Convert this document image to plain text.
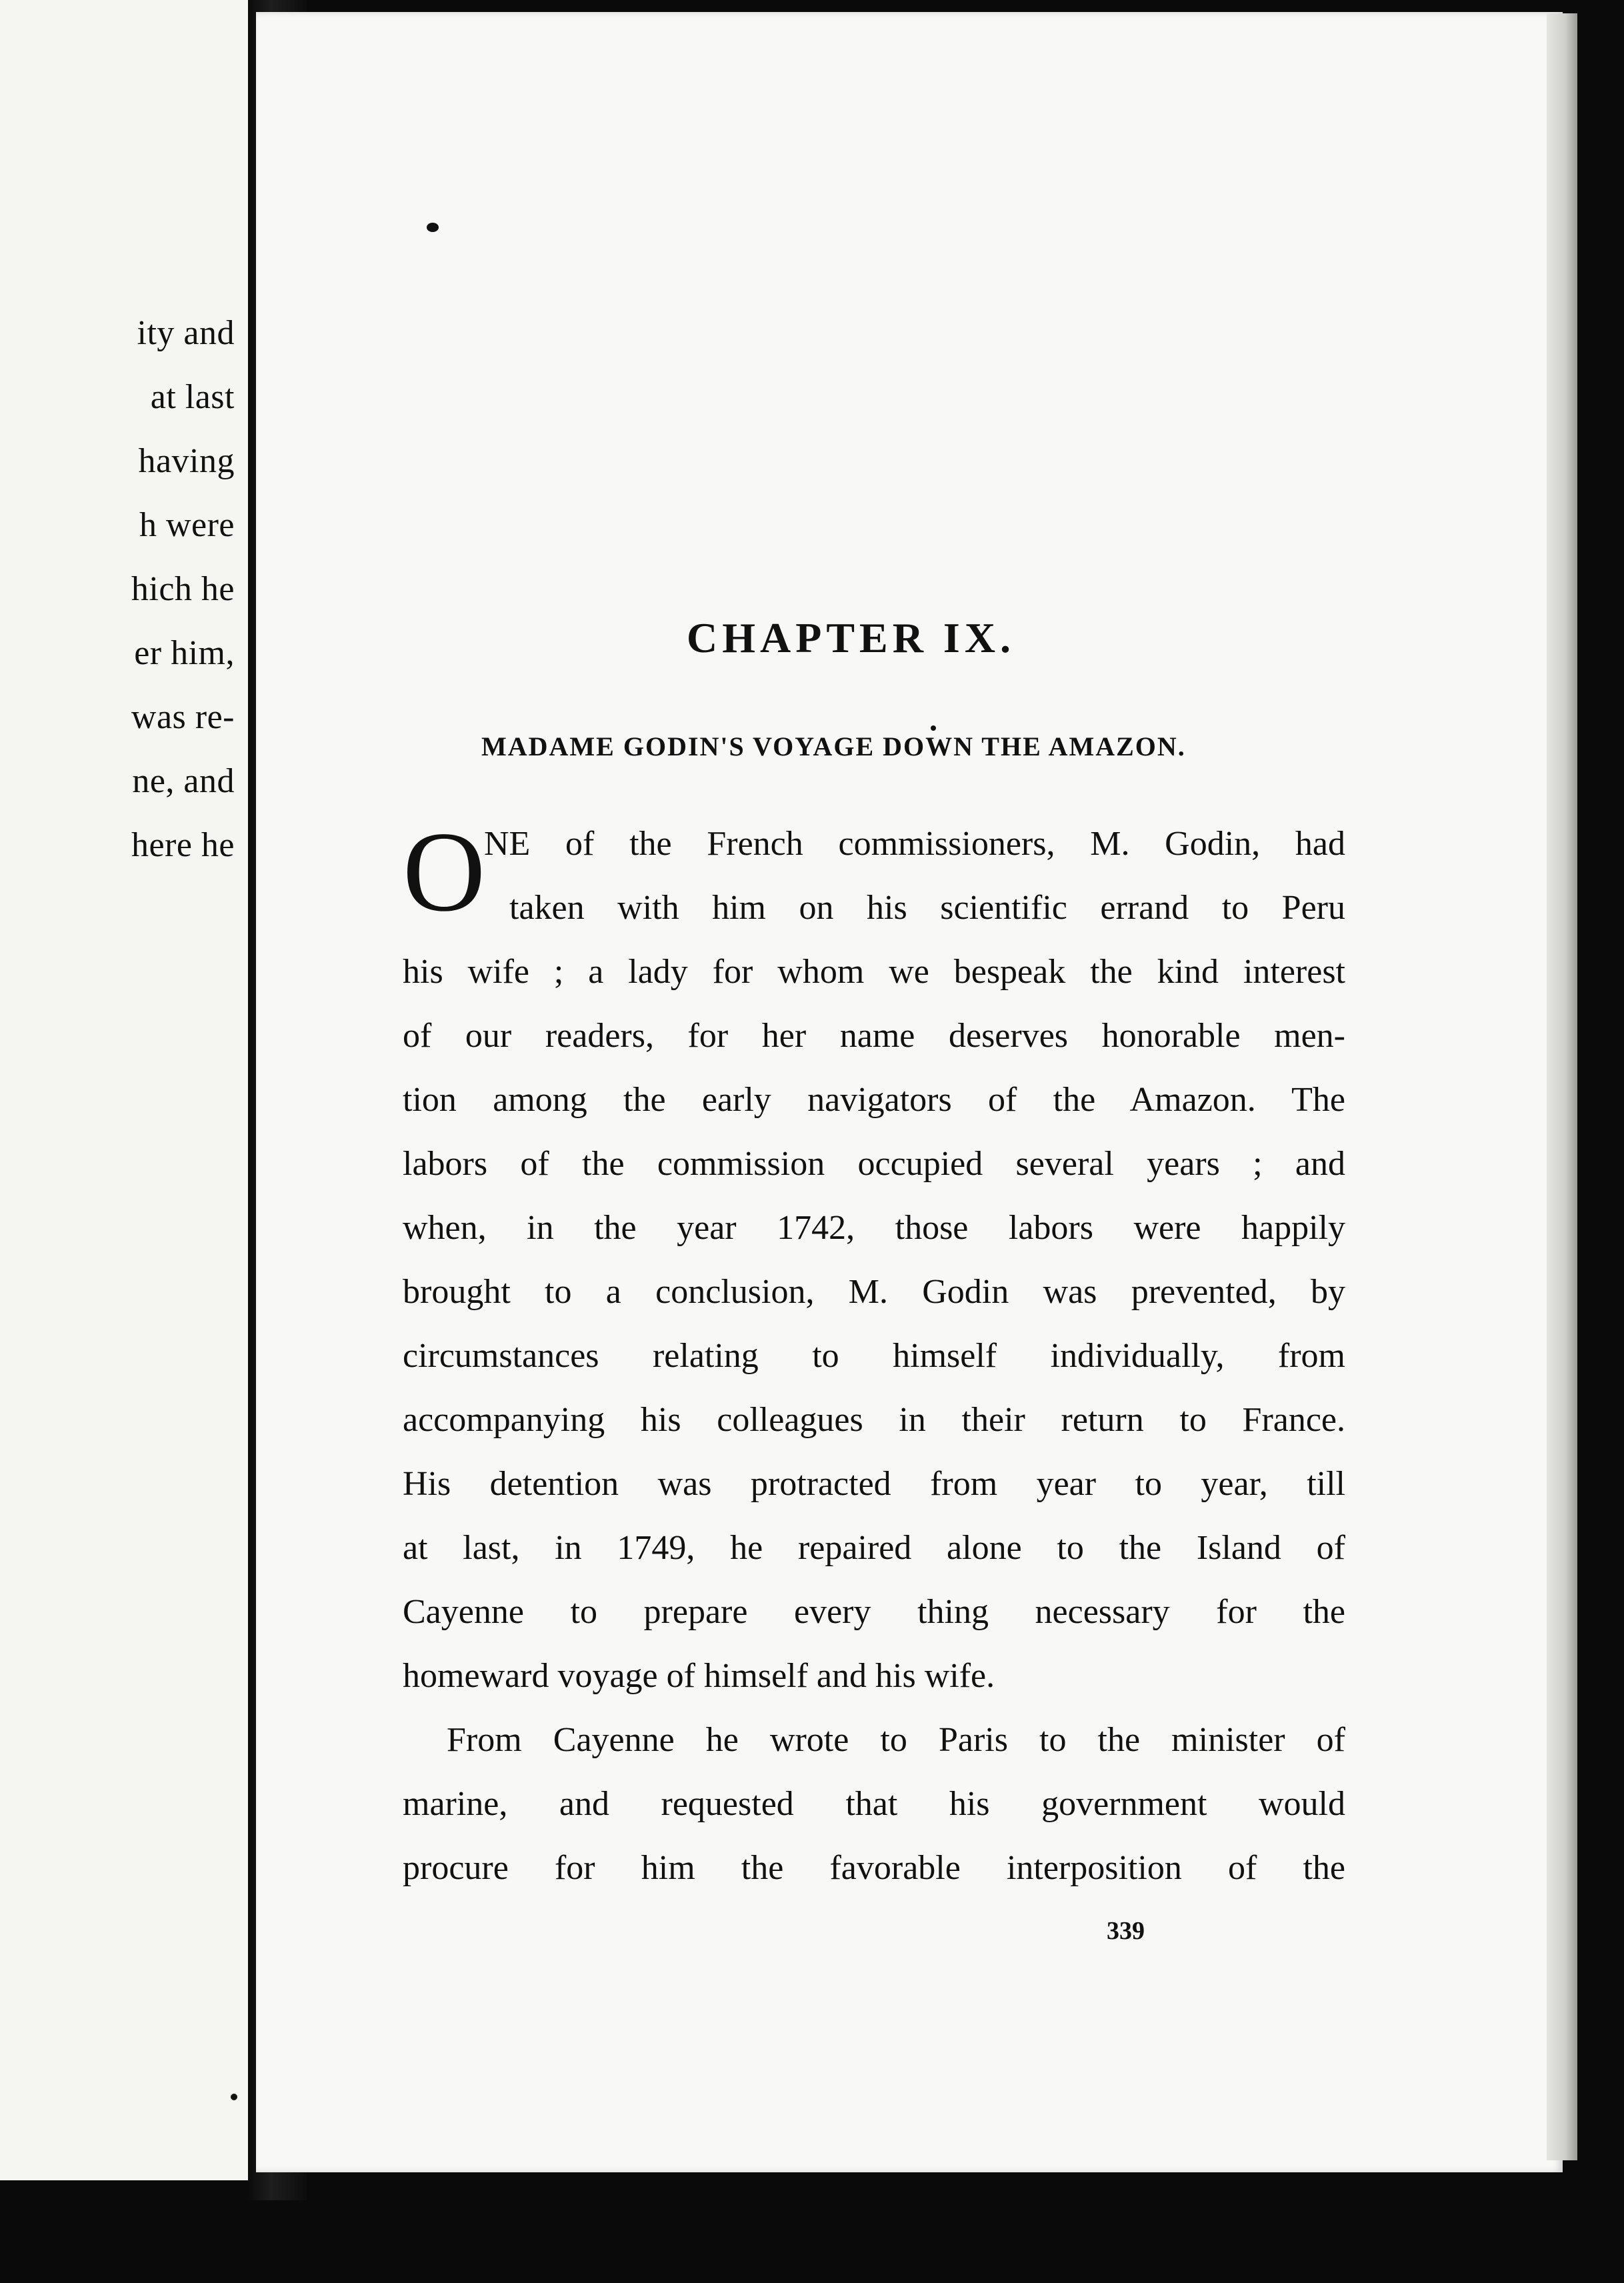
ity and
at last
having
h were
hich he
er him,
was re-
ne, and
here he
CHAPTER IX.
MADAME GODIN'S VOYAGE DOWN THE AMAZON.
O
NE of the French commissioners, M. Godin, had
taken with him on his scientific errand to Peru
his wife ; a lady for whom we bespeak the kind interest
of our readers, for her name deserves honorable men-
tion among the early navigators of the Amazon. The
labors of the commission occupied several years ; and
when, in the year 1742, those labors were happily
brought to a conclusion, M. Godin was prevented, by
circumstances relating to himself individually, from
accompanying his colleagues in their return to France.
His detention was protracted from year to year, till
at last, in 1749, he repaired alone to the Island of
Cayenne to prepare every thing necessary for the
homeward voyage of himself and his wife.
From Cayenne he wrote to Paris to the minister of
marine, and requested that his government would
procure for him the favorable interposition of the
339
